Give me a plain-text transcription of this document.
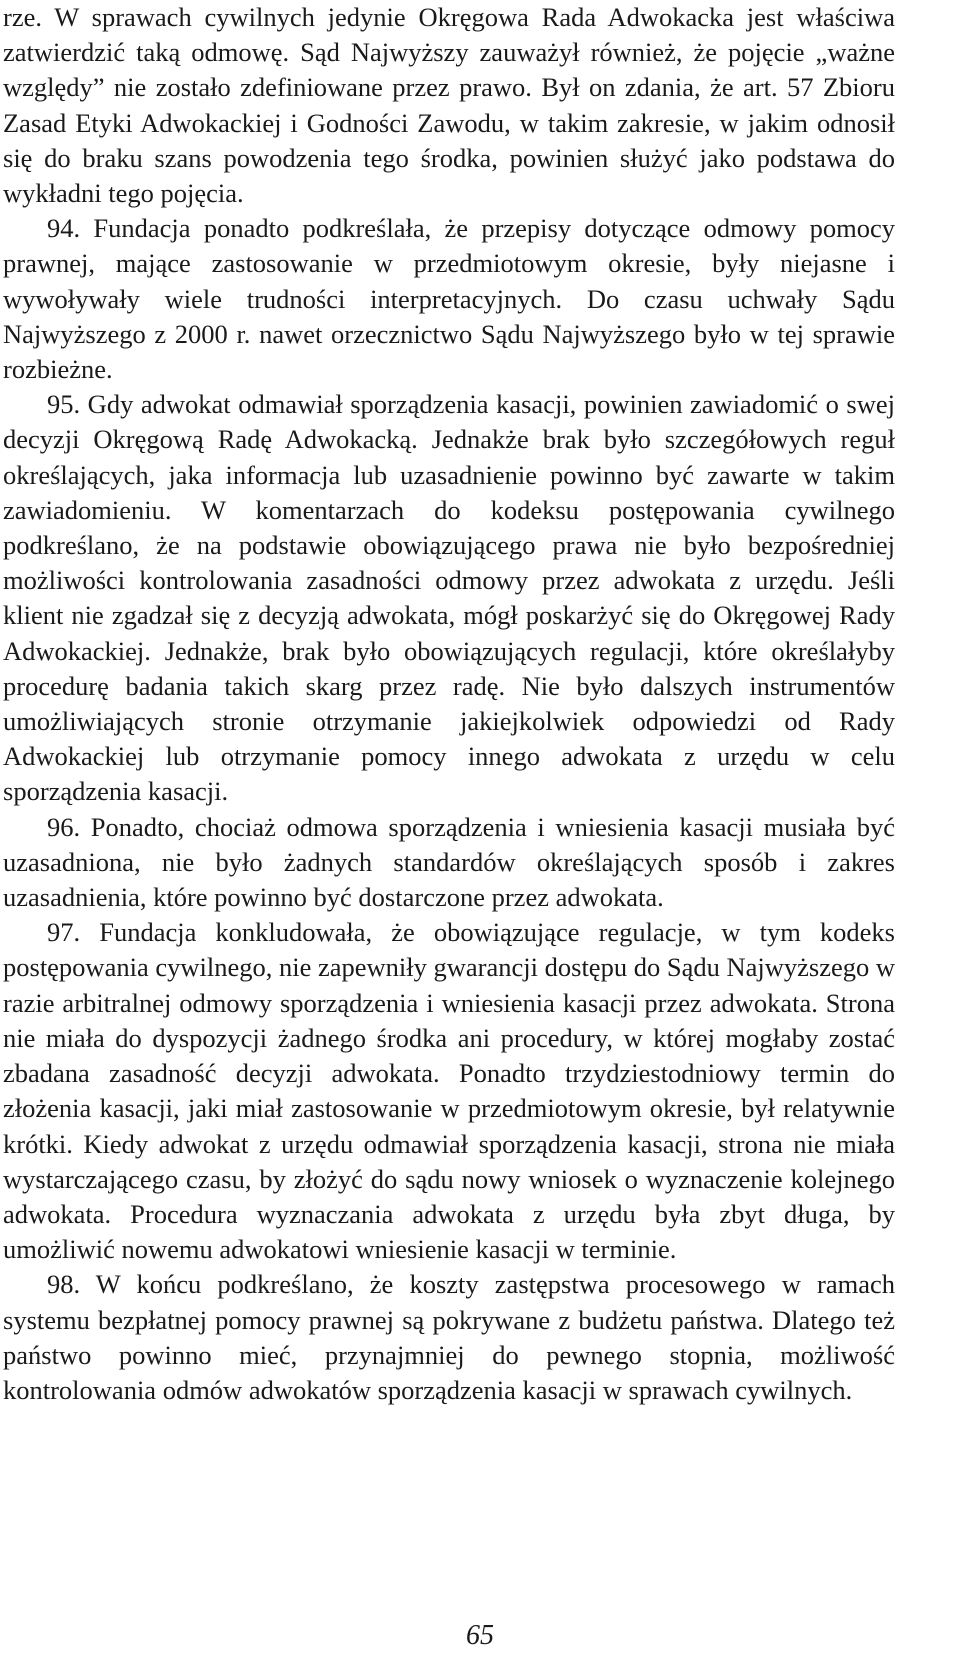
rze. W sprawach cywilnych jedynie Okręgowa Rada Adwokacka jest właściwa zatwierdzić taką odmowę. Sąd Najwyższy zauważył również, że pojęcie „ważne względy” nie zostało zdefiniowane przez prawo. Był on zdania, że art. 57 Zbioru Zasad Etyki Adwokackiej i Godności Zawodu, w takim zakresie, w jakim odnosił się do braku szans powodzenia tego środka, powinien służyć jako podstawa do wykładni tego pojęcia.

94. Fundacja ponadto podkreślała, że przepisy dotyczące odmowy pomocy prawnej, mające zastosowanie w przedmiotowym okresie, były niejasne i wywoływały wiele trudności interpretacyjnych. Do czasu uchwały Sądu Najwyższego z 2000 r. nawet orzecznictwo Sądu Najwyższego było w tej sprawie rozbieżne.

95. Gdy adwokat odmawiał sporządzenia kasacji, powinien zawiadomić o swej decyzji Okręgową Radę Adwokacką. Jednakże brak było szczegółowych reguł określających, jaka informacja lub uzasadnienie powinno być zawarte w takim zawiadomieniu. W komentarzach do kodeksu postępowania cywilnego podkreślano, że na podstawie obowiązującego prawa nie było bezpośredniej możliwości kontrolowania zasadności odmowy przez adwokata z urzędu. Jeśli klient nie zgadzał się z decyzją adwokata, mógł poskarżyć się do Okręgowej Rady Adwokackiej. Jednakże, brak było obowiązujących regulacji, które określałyby procedurę badania takich skarg przez radę. Nie było dalszych instrumentów umożliwiających stronie otrzymanie jakiejkolwiek odpowiedzi od Rady Adwokackiej lub otrzymanie pomocy innego adwokata z urzędu w celu sporządzenia kasacji.

96. Ponadto, chociaż odmowa sporządzenia i wniesienia kasacji musiała być uzasadniona, nie było żadnych standardów określających sposób i zakres uzasadnienia, które powinno być dostarczone przez adwokata.

97. Fundacja konkludowała, że obowiązujące regulacje, w tym kodeks postępowania cywilnego, nie zapewniły gwarancji dostępu do Sądu Najwyższego w razie arbitralnej odmowy sporządzenia i wniesienia kasacji przez adwokata. Strona nie miała do dyspozycji żadnego środka ani procedury, w której mogłaby zostać zbadana zasadność decyzji adwokata. Ponadto trzydziestodniowy termin do złożenia kasacji, jaki miał zastosowanie w przedmiotowym okresie, był relatywnie krótki. Kiedy adwokat z urzędu odmawiał sporządzenia kasacji, strona nie miała wystarczającego czasu, by złożyć do sądu nowy wniosek o wyznaczenie kolejnego adwokata. Procedura wyznaczania adwokata z urzędu była zbyt długa, by umożliwić nowemu adwokatowi wniesienie kasacji w terminie.

98. W końcu podkreślano, że koszty zastępstwa procesowego w ramach systemu bezpłatnej pomocy prawnej są pokrywane z budżetu państwa. Dlatego też państwo powinno mieć, przynajmniej do pewnego stopnia, możliwość kontrolowania odmów adwokatów sporządzenia kasacji w sprawach cywilnych.

65
